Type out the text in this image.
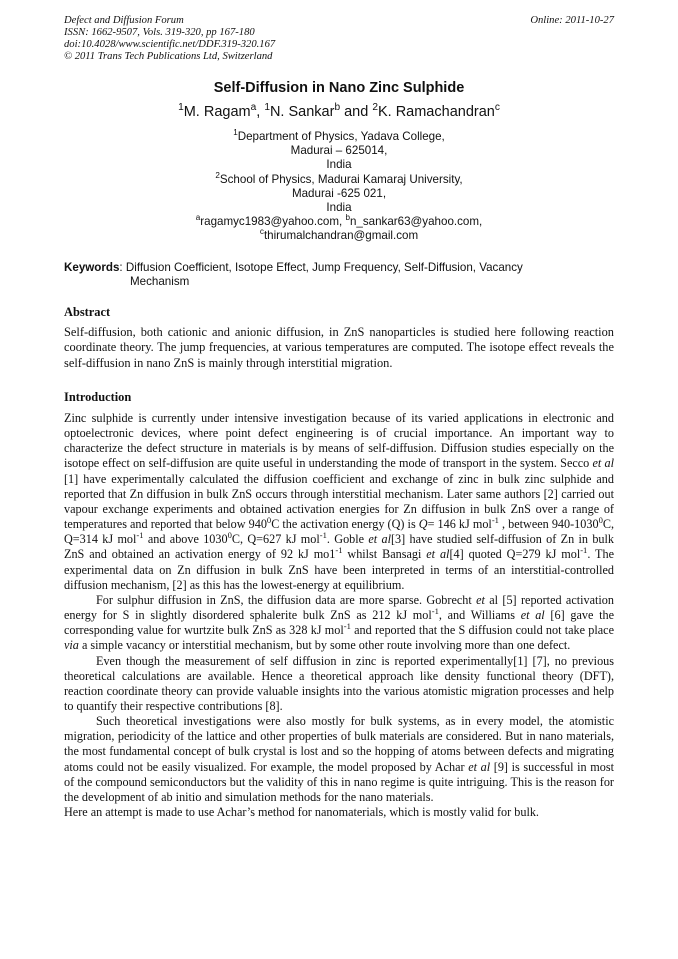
Defect and Diffusion Forum
ISSN: 1662-9507, Vols. 319-320, pp 167-180
doi:10.4028/www.scientific.net/DDF.319-320.167
© 2011 Trans Tech Publications Ltd, Switzerland
Online: 2011-10-27
Self-Diffusion in Nano Zinc Sulphide
$^1$M. Ragam$^a$, $^1$N. Sankar$^b$ and $^2$K. Ramachandran$^c$
$^1$Department of Physics, Yadava College,
Madurai – 625014,
India
$^2$School of Physics, Madurai Kamaraj University,
Madurai -625 021,
India
$^a$ragamyc1983@yahoo.com, $^b$n_sankar63@yahoo.com,
$^c$thirumalchandran@gmail.com
Keywords: Diffusion Coefficient, Isotope Effect, Jump Frequency, Self-Diffusion, Vacancy
Mechanism
Abstract
Self-diffusion, both cationic and anionic diffusion, in ZnS nanoparticles is studied here following reaction coordinate theory. The jump frequencies, at various temperatures are computed. The isotope effect reveals the self-diffusion in nano ZnS is mainly through interstitial migration.
Introduction

Zinc sulphide is currently under intensive investigation because of its varied applications in electronic and optoelectronic devices, where point defect engineering is of crucial importance. An important way to characterize the defect structure in materials is by means of self-diffusion. Diffusion studies especially on the isotope effect on self-diffusion are quite useful in understanding the mode of transport in the system. Secco et al [1] have experimentally calculated the diffusion coefficient and exchange of zinc in bulk zinc sulphide and reported that Zn diffusion in bulk ZnS occurs through interstitial mechanism. Later same authors [2] carried out vapour exchange experiments and obtained activation energies for Zn diffusion in bulk ZnS over a range of temperatures and reported that below $940^0C$ the activation energy (Q) is Q= 146 kJ mol$^{-1}$ , between 940-1030$^0$C, Q=314 kJ mol$^{-1}$ and above 1030$^0$C, Q=627 kJ mol$^{-1}$. Goble et al[3] have studied self-diffusion of Zn in bulk ZnS and obtained an activation energy of 92 kJ $mo1^{-1}$ whilst Bansagi et al[4] quoted Q=279 kJ mol$^{-1}$. The experimental data on Zn diffusion in bulk ZnS have been interpreted in terms of an interstitial-controlled diffusion mechanism, [2] as this has the lowest-energy at equilibrium.

For sulphur diffusion in ZnS, the diffusion data are more sparse. Gobrecht et al [5] reported activation energy for S in slightly disordered sphalerite bulk ZnS as 212 kJ mol$^{-1}$, and Williams et al [6] gave the corresponding value for wurtzite bulk ZnS as 328 kJ mol$^{-1}$ and reported that the S diffusion could not take place via a simple vacancy or interstitial mechanism, but by some other route involving more than one defect.

Even though the measurement of self diffusion in zinc is reported experimentally[1] [7], no previous theoretical calculations are available. Hence a theoretical approach like density functional theory (DFT), reaction coordinate theory can provide valuable insights into the various atomistic migration processes and help to quantify their respective contributions [8].

Such theoretical investigations were also mostly for bulk systems, as in every model, the atomistic migration, periodicity of the lattice and other properties of bulk materials are considered. But in nano materials, the most fundamental concept of bulk crystal is lost and so the hopping of atoms between defects and migrating atoms could not be easily visualized. For example, the model proposed by Achar et al [9] is successful in most of the compound semiconductors but the validity of this in nano regime is quite intriguing. This is the reason for the development of ab initio and simulation methods for the nano materials.

Here an attempt is made to use Achar’s method for nanomaterials, which is mostly valid for bulk.
